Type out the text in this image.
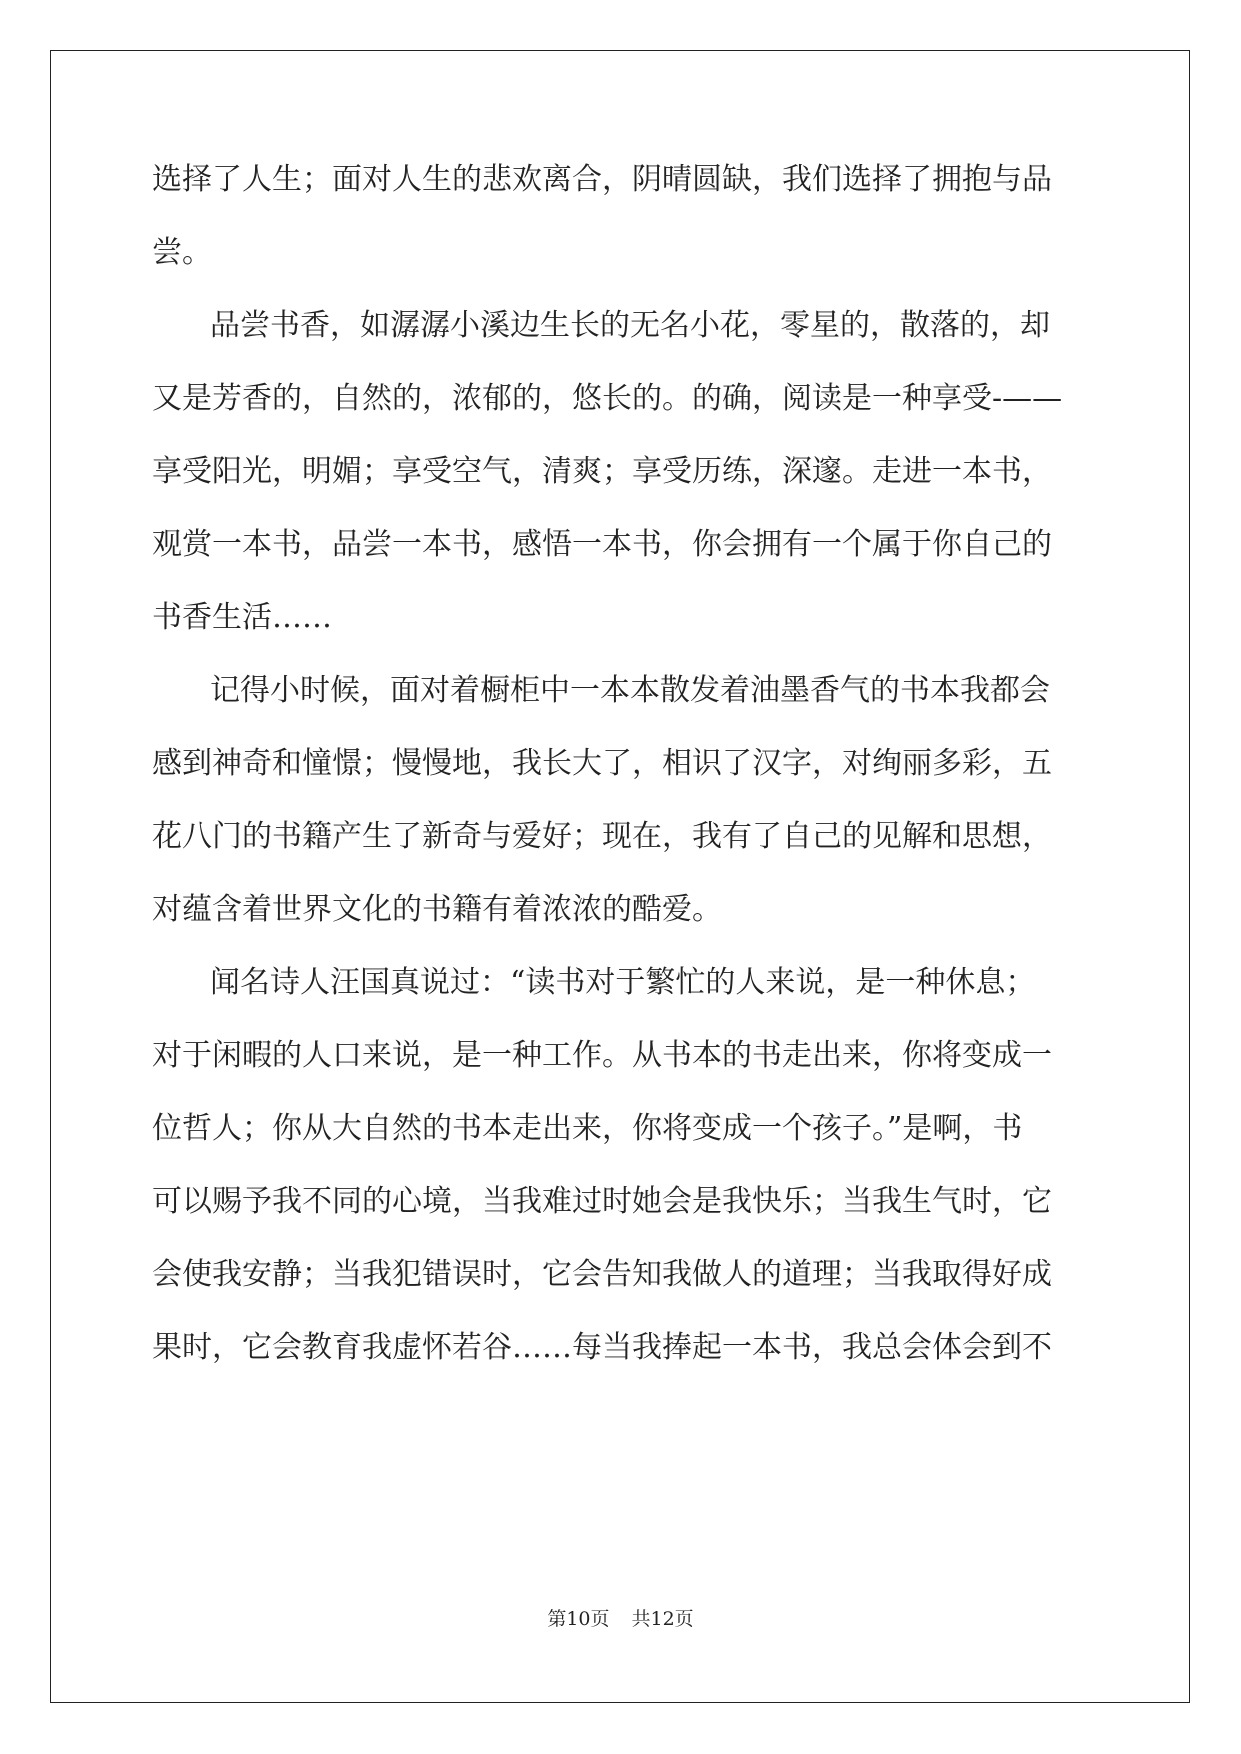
选择了人生；面对人生的悲欢离合，阴晴圆缺，我们选择了拥抱与品
尝。
品尝书香，如潺潺小溪边生长的无名小花，零星的，散落的，却
又是芳香的，自然的，浓郁的，悠长的。的确，阅读是一种享受-——
享受阳光，明媚；享受空气，清爽；享受历练，深邃。走进一本书，
观赏一本书，品尝一本书，感悟一本书，你会拥有一个属于你自己的
书香生活……
记得小时候，面对着橱柜中一本本散发着油墨香气的书本我都会
感到神奇和憧憬；慢慢地，我长大了，相识了汉字，对绚丽多彩，五
花八门的书籍产生了新奇与爱好；现在，我有了自己的见解和思想，
对蕴含着世界文化的书籍有着浓浓的酷爱。
闻名诗人汪国真说过：“读书对于繁忙的人来说，是一种休息；
对于闲暇的人口来说，是一种工作。从书本的书走出来，你将变成一
位哲人；你从大自然的书本走出来，你将变成一个孩子。”是啊，书
可以赐予我不同的心境，当我难过时她会是我快乐；当我生气时，它
会使我安静；当我犯错误时，它会告知我做人的道理；当我取得好成
果时，它会教育我虚怀若谷……每当我捧起一本书，我总会体会到不
第10页 共12页
